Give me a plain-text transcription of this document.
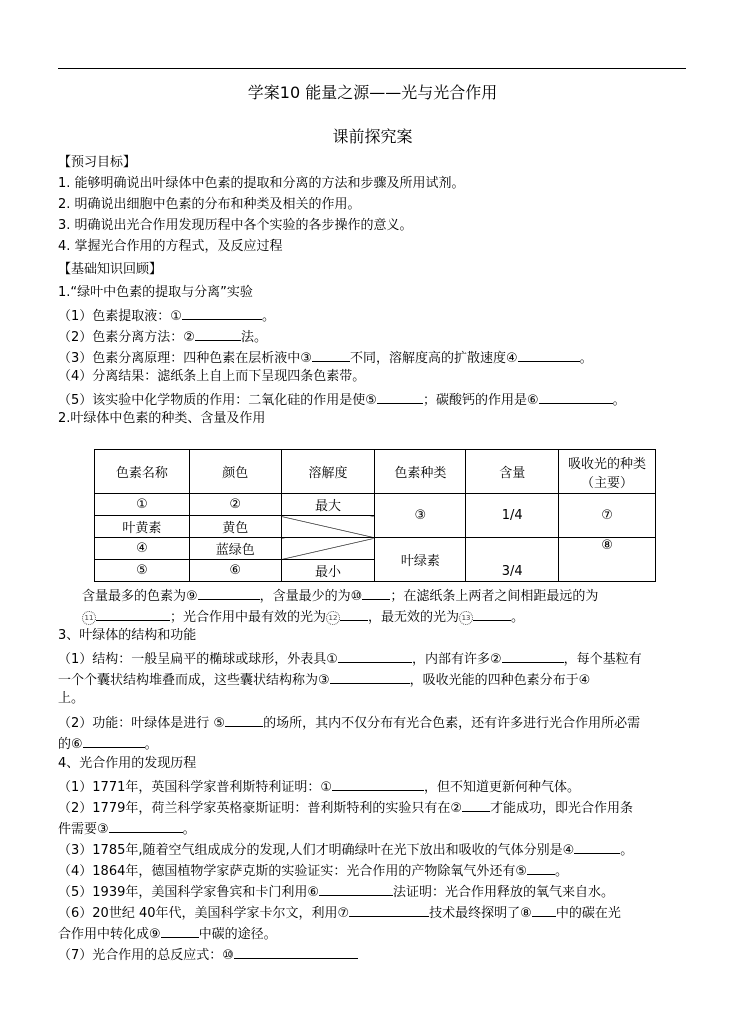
学案10 能量之源——光与光合作用
课前探究案
【预习目标】
1. 能够明确说出叶绿体中色素的提取和分离的方法和步骤及所用试剂。
2. 明确说出细胞中色素的分布和种类及相关的作用。
3. 明确说出光合作用发现历程中各个实验的各步操作的意义。
4. 掌握光合作用的方程式，及反应过程
【基础知识回顾】
1.“绿叶中色素的提取与分离”实验
（1）色素提取液：①	。
（2）色素分离方法：②	法。
（3）色素分离原理：四种色素在层析液中③	不同，溶解度高的扩散速度④	。
（4）分离结果：滤纸条上自上而下呈现四条色素带。
（5）该实验中化学物质的作用：二氧化硅的作用是使⑤	；碳酸钙的作用是⑥	。
2.叶绿体中色素的种类、含量及作用
色素名称	颜色	溶解度	色素种类	含量	吸收光的种类（主要）
①	②	最大	③	1/4	⑦
叶黄素	黄色				
④	蓝绿色		叶绿素	3/4	⑧
⑤	⑥	最小			
含量最多的色素为⑨	，含量最少的为⑩ ；在滤纸条上两者之间相距最远的为
11	；光合作用中最有效的光为 12 ，最无效的光为 13	。
3、叶绿体的结构和功能
（1）结构：一般呈扁平的椭球或球形，外表具①	，内部有许多②	，每个基粒有
一个个囊状结构堆叠而成，这些囊状结构称为③	，吸收光能的四种色素分布于④
上。
（2）功能：叶绿体是进行 ⑤	的场所，其内不仅分布有光合色素，还有许多进行光合作用所必需
的⑥	。
4、光合作用的发现历程
（1）1771年，英国科学家普利斯特利证明：①	，但不知道更新何种气体。
（2）1779年，荷兰科学家英格豪斯证明：普利斯特利的实验只有在② 才能成功，即光合作用条
件需要③	。
（3）1785年,随着空气组成成分的发现,人们才明确绿叶在光下放出和吸收的气体分别是④	。
（4）1864年，德国植物学家萨克斯的实验证实：光合作用的产物除氧气外还有⑤ 。
（5）1939年，美国科学家鲁宾和卡门利用⑥	法证明：光合作用释放的氧气来自水。
（6）20世纪 40年代，美国科学家卡尔文，利用⑦	技术最终探明了⑧ 中的碳在光
合作用中转化成⑨	中碳的途径。
（7）光合作用的总反应式：⑩
